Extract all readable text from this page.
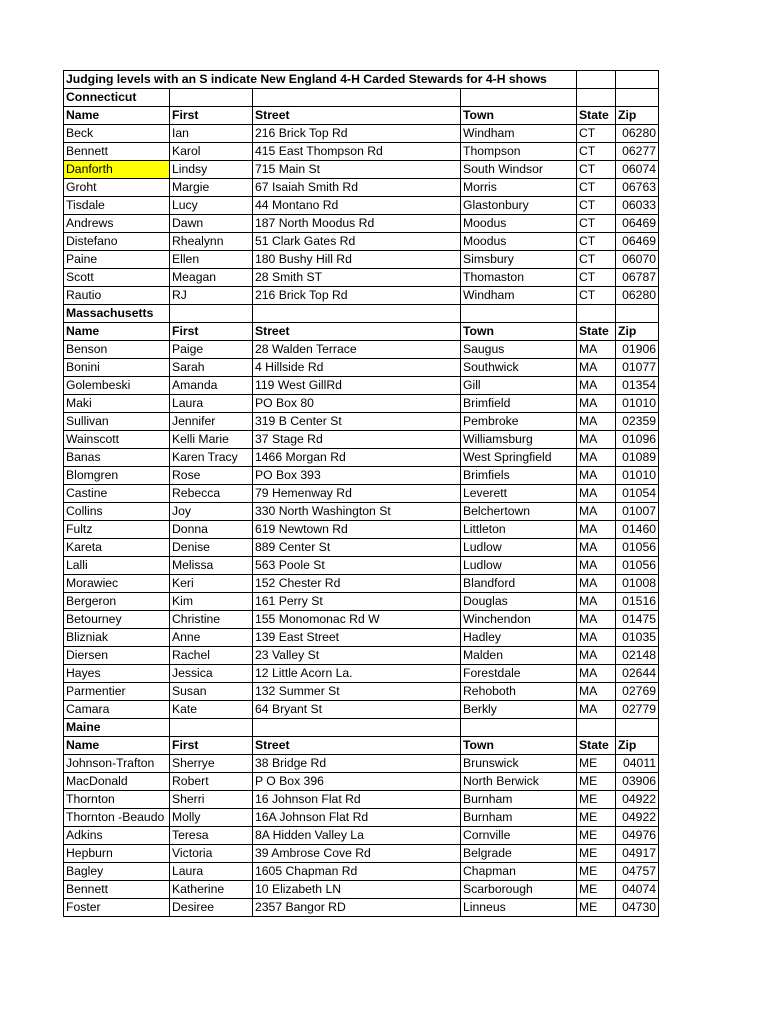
Judging levels with an S indicate New England 4-H Carded Stewards for 4-H shows					
Connecticut					
Name	First	Street	Town	State	Zip
Beck	Ian	216 Brick Top Rd	Windham	CT	06280
Bennett	Karol	415 East Thompson Rd	Thompson	CT	06277
Danforth	Lindsy	715 Main St	South Windsor	CT	06074
Groht	Margie	67 Isaiah Smith Rd	Morris	CT	06763
Tisdale	Lucy	44 Montano Rd	Glastonbury	CT	06033
Andrews	Dawn	187 North Moodus Rd	Moodus	CT	06469
Distefano	Rhealynn	51 Clark Gates Rd	Moodus	CT	06469
Paine	Ellen	180 Bushy Hill Rd	Simsbury	CT	06070
Scott	Meagan	28 Smith ST	Thomaston	CT	06787
Rautio	RJ	216 Brick Top Rd	Windham	CT	06280
Massachusetts					
Name	First	Street	Town	State	Zip
Benson	Paige	28 Walden Terrace	Saugus	MA	01906
Bonini	Sarah	4 Hillside Rd	Southwick	MA	01077
Golembeski	Amanda	119 West GillRd	Gill	MA	01354
Maki	Laura	PO Box 80	Brimfield	MA	01010
Sullivan	Jennifer	319 B Center St	Pembroke	MA	02359
Wainscott	Kelli Marie	37 Stage Rd	Williamsburg	MA	01096
Banas	Karen Tracy	1466 Morgan Rd	West Springfield	MA	01089
Blomgren	Rose	PO Box 393	Brimfiels	MA	01010
Castine	Rebecca	79 Hemenway Rd	Leverett	MA	01054
Collins	Joy	330 North Washington St	Belchertown	MA	01007
Fultz	Donna	619 Newtown Rd	Littleton	MA	01460
Kareta	Denise	889 Center St	Ludlow	MA	01056
Lalli	Melissa	563 Poole St	Ludlow	MA	01056
Morawiec	Keri	152 Chester Rd	Blandford	MA	01008
Bergeron	Kim	161 Perry St	Douglas	MA	01516
Betourney	Christine	155 Monomonac Rd W	Winchendon	MA	01475
Blizniak	Anne	139 East Street	Hadley	MA	01035
Diersen	Rachel	23 Valley St	Malden	MA	02148
Hayes	Jessica	12 Little Acorn La.	Forestdale	MA	02644
Parmentier	Susan	132 Summer St	Rehoboth	MA	02769
Camara	Kate	64 Bryant St	Berkly	MA	02779
Maine					
Name	First	Street	Town	State	Zip
Johnson-Trafton	Sherrye	38 Bridge Rd	Brunswick	ME	04011
MacDonald	Robert	P O Box 396	North Berwick	ME	03906
Thornton	Sherri	16 Johnson Flat Rd	Burnham	ME	04922
Thornton -Beaudo	Molly	16A Johnson Flat Rd	Burnham	ME	04922
Adkins	Teresa	8A Hidden Valley La	Cornville	ME	04976
Hepburn	Victoria	39 Ambrose Cove Rd	Belgrade	ME	04917
Bagley	Laura	1605 Chapman Rd	Chapman	ME	04757
Bennett	Katherine	10 Elizabeth LN	Scarborough	ME	04074
Foster	Desiree	2357 Bangor RD	Linneus	ME	04730
